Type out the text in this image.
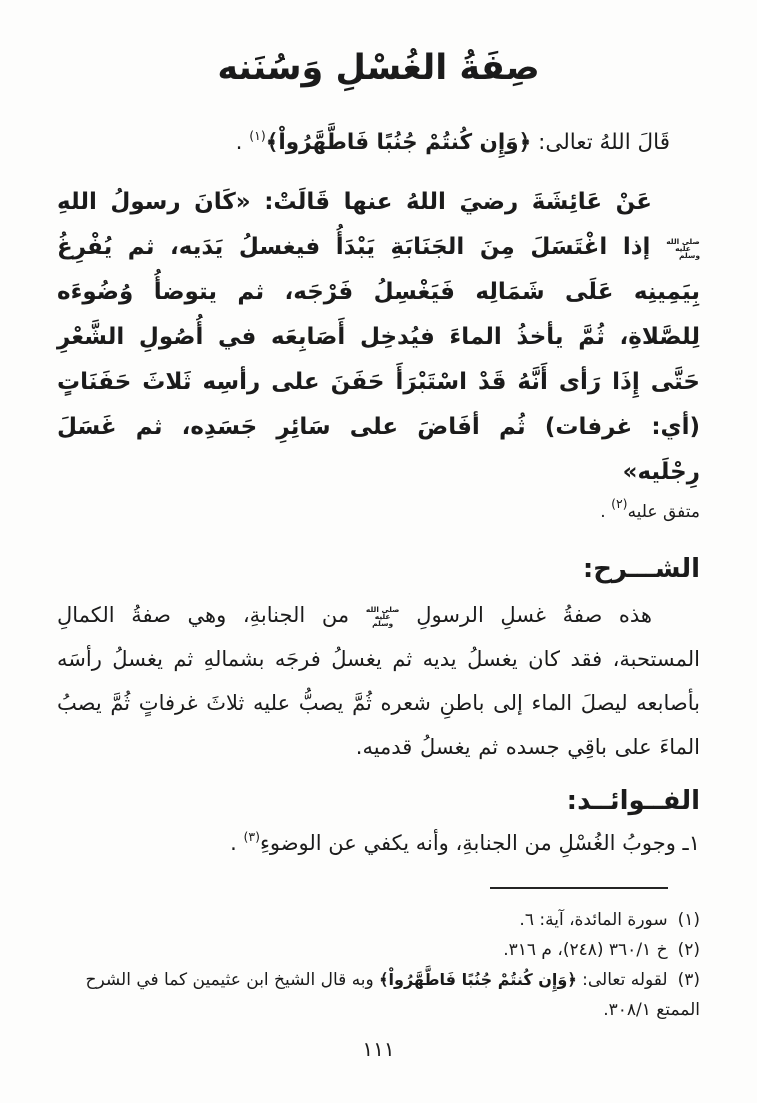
صِفَةُ الغُسْلِ وَسُنَنه
قَالَ اللهُ تعالى: ﴿وَإِن كُنتُمْ جُنُبًا فَاطَّهَّرُواْ﴾$^{(١)}$ .
عَنْ عَائِشَةَ رضيَ اللهُ عنها قَالَتْ: «كَانَ رسولُ اللهِ صلى الله عليه وسلم إذا اغْتَسَلَ مِنَ الجَنَابَةِ يَبْدَأُ فيغسلُ يَدَيه، ثم يُفْرِغُ بِيَمِينِه عَلَى شَمَالِه فَيَغْسِلُ فَرْجَه، ثم يتوضأُ وُضُوءَه لِلصَّلاةِ، ثُمَّ يأخذُ الماءَ فيُدخِل أَصَابِعَه في أُصُولِ الشَّعْرِ حَتَّى إِذَا رَأى أَنَّهُ قَدْ اسْتَبْرَأَ حَفَنَ على رأسِه ثَلاثَ حَفَنَاتٍ (أي: غرفات) ثُم أفَاضَ على سَائِرِ جَسَدِه، ثم غَسَلَ رِجْلَيه»
متفق عليه$^{(٢)}$ .
الشـــرح:
هذه صفةُ غسلِ الرسولِ صلى الله عليه وسلم من الجنابةِ، وهي صفةُ الكمالِ المستحبة، فقد كان يغسلُ يديه ثم يغسلُ فرجَه بشمالهِ ثم يغسلُ رأسَه بأصابعه ليصلَ الماء إلى باطنِ شعره ثُمَّ يصبُّ عليه ثلاثَ غرفاتٍ ثُمَّ يصبُ الماءَ على باقِي جسده ثم يغسلُ قدميه.
الفــوائــد:
١ـ وجوبُ الغُسْلِ من الجنابةِ، وأنه يكفي عن الوضوءِ$^{(٣)}$ .
(١)سورة المائدة، آية: ٦.
(٢)خ ٣٦٠/١ (٢٤٨)، م ٣١٦.
(٣)لقوله تعالى: ﴿وَإِن كُنتُمْ جُنُبًا فَاطَّهَّرُواْ﴾ وبه قال الشيخ ابن عثيمين كما في الشرح الممتع ٣٠٨/١.
١١١
